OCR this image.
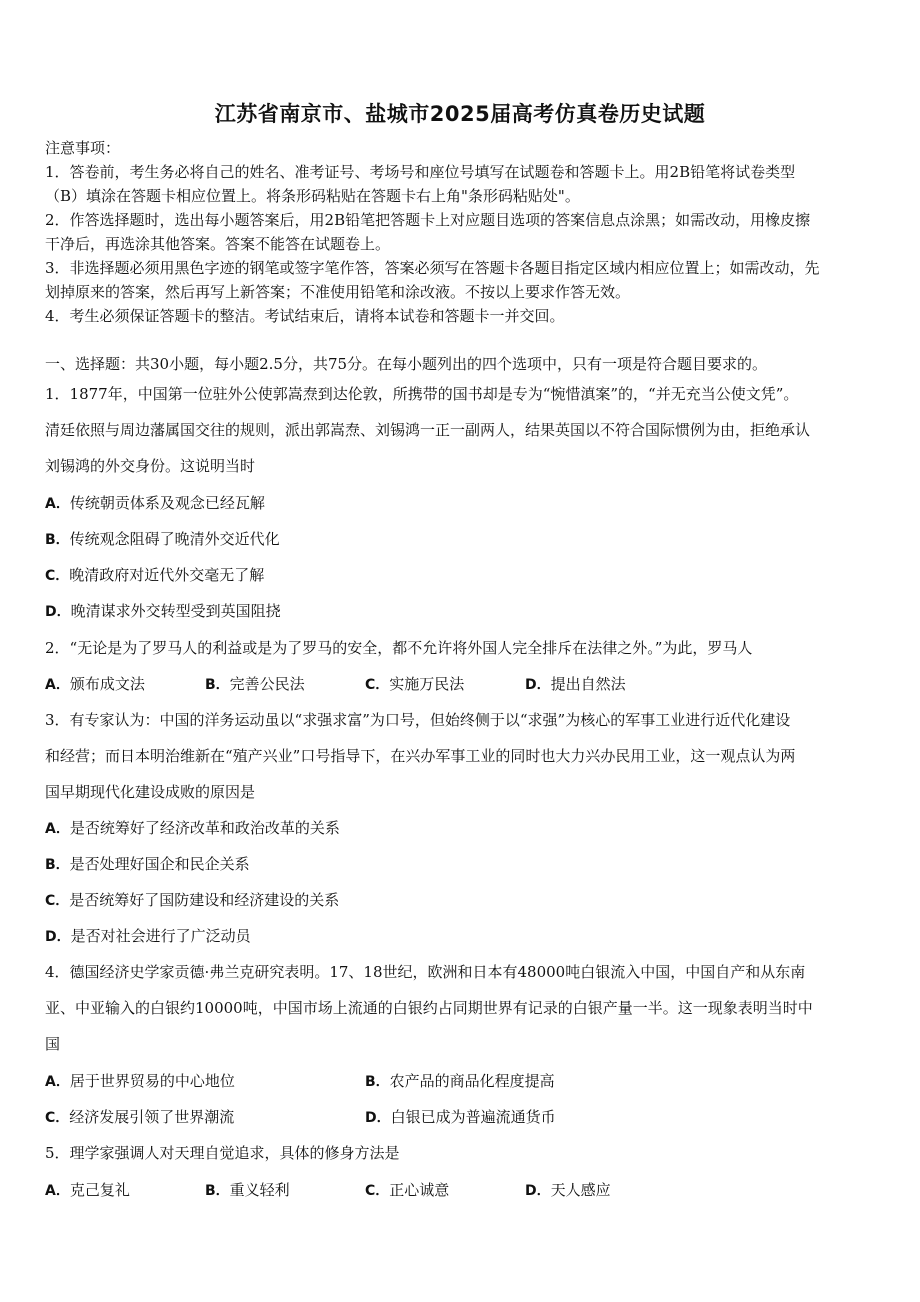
江苏省南京市、盐城市2025届高考仿真卷历史试题
注意事项：
1．答卷前，考生务必将自己的姓名、准考证号、考场号和座位号填写在试题卷和答题卡上。用2B铅笔将试卷类型
（B）填涂在答题卡相应位置上。将条形码粘贴在答题卡右上角"条形码粘贴处"。
2．作答选择题时，选出每小题答案后，用2B铅笔把答题卡上对应题目选项的答案信息点涂黑；如需改动，用橡皮擦
干净后，再选涂其他答案。答案不能答在试题卷上。
3．非选择题必须用黑色字迹的钢笔或签字笔作答，答案必须写在答题卡各题目指定区域内相应位置上；如需改动，先
划掉原来的答案，然后再写上新答案；不准使用铅笔和涂改液。不按以上要求作答无效。
4．考生必须保证答题卡的整洁。考试结束后，请将本试卷和答题卡一并交回。
一、选择题：共30小题，每小题2.5分，共75分。在每小题列出的四个选项中，只有一项是符合题目要求的。
1．1877年，中国第一位驻外公使郭嵩焘到达伦敦，所携带的国书却是专为“惋惜滇案”的，“并无充当公使文凭”。
清廷依照与周边藩属国交往的规则，派出郭嵩焘、刘锡鸿一正一副两人，结果英国以不符合国际惯例为由，拒绝承认
刘锡鸿的外交身份。这说明当时
A．传统朝贡体系及观念已经瓦解
B．传统观念阻碍了晚清外交近代化
C．晚清政府对近代外交毫无了解
D．晚清谋求外交转型受到英国阻挠
2．“无论是为了罗马人的利益或是为了罗马的安全，都不允许将外国人完全排斥在法律之外。”为此，罗马人
A．颁布成文法	B．完善公民法	C．实施万民法	D．提出自然法
3．有专家认为：中国的洋务运动虽以“求强求富”为口号，但始终侧于以“求强”为核心的军事工业进行近代化建设
和经营；而日本明治维新在“殖产兴业”口号指导下，在兴办军事工业的同时也大力兴办民用工业，这一观点认为两
国早期现代化建设成败的原因是
A．是否统筹好了经济改革和政治改革的关系
B．是否处理好国企和民企关系
C．是否统筹好了国防建设和经济建设的关系
D．是否对社会进行了广泛动员
4．德国经济史学家贡德·弗兰克研究表明。17、18世纪，欧洲和日本有48000吨白银流入中国，中国自产和从东南
亚、中亚输入的白银约10000吨，中国市场上流通的白银约占同期世界有记录的白银产量一半。这一现象表明当时中
国
A．居于世界贸易的中心地位	B．农产品的商品化程度提高
C．经济发展引领了世界潮流	D．白银已成为普遍流通货币
5．理学家强调人对天理自觉追求，具体的修身方法是
A．克己复礼	B．重义轻利	C．正心诚意	D．天人感应
